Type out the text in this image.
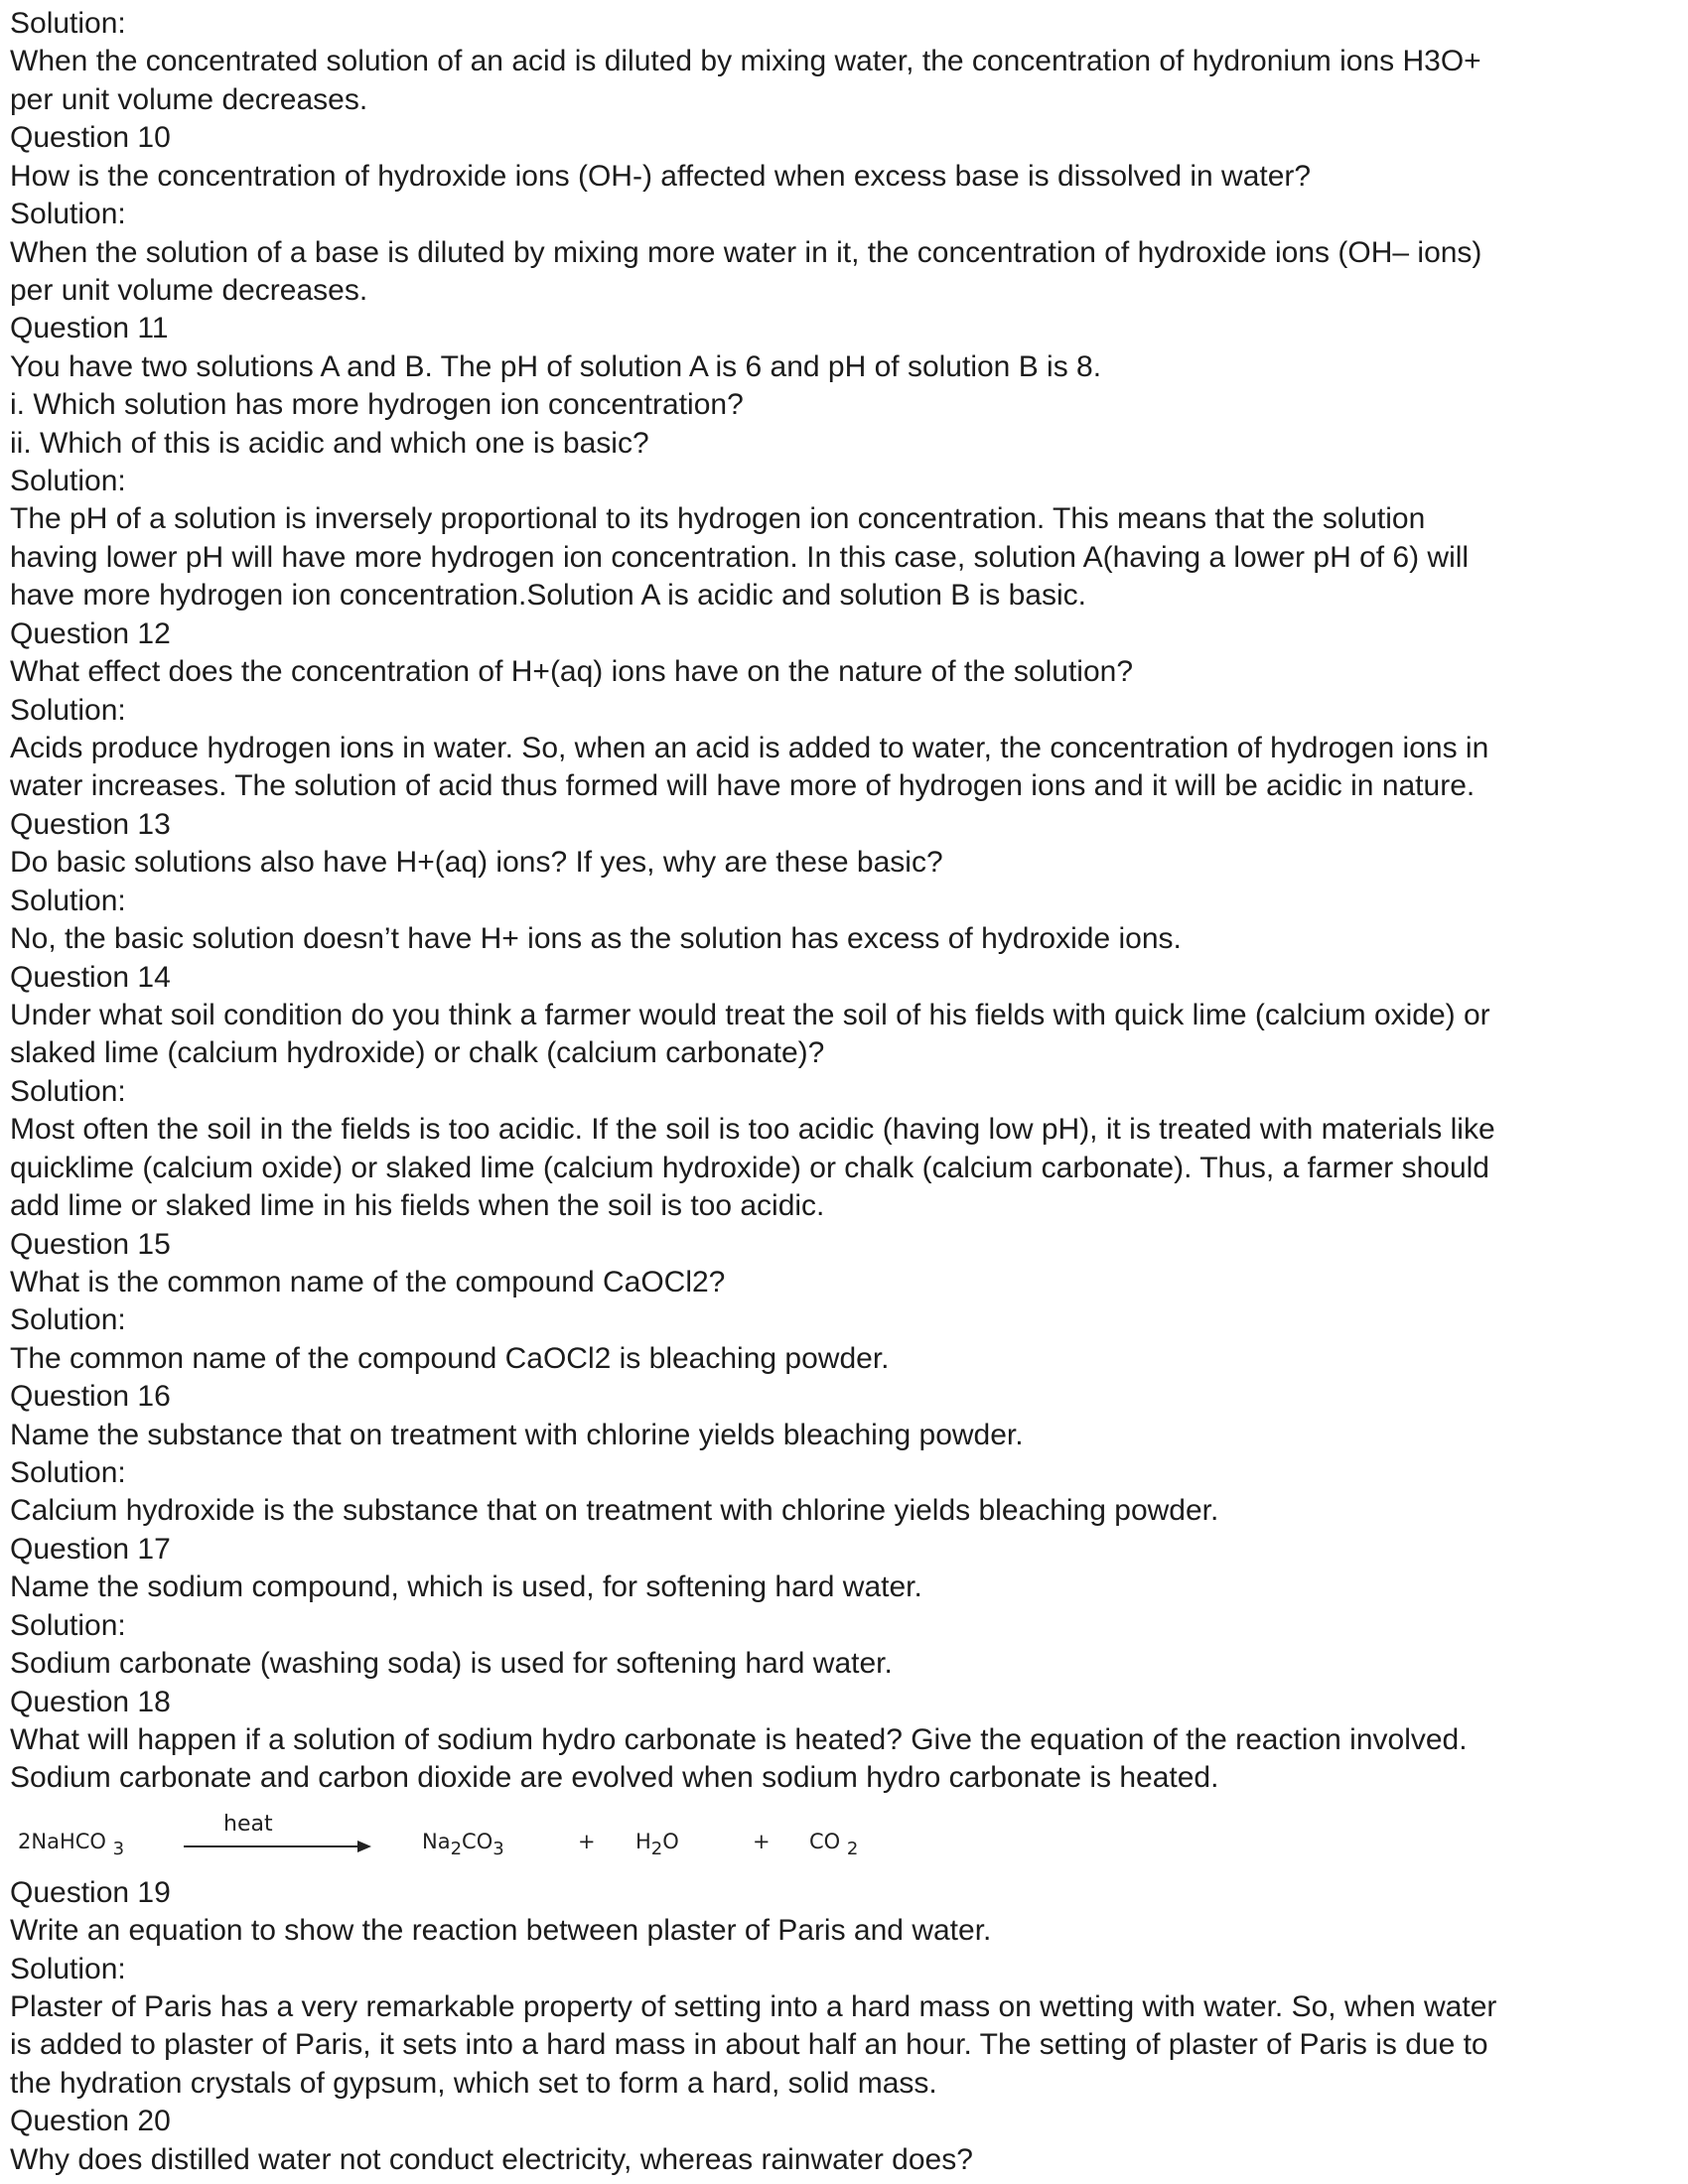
Solution:
When the concentrated solution of an acid is diluted by mixing water, the concentration of hydronium ions H3O+
per unit volume decreases.
Question 10
How is the concentration of hydroxide ions (OH-) affected when excess base is dissolved in water?
Solution:
When the solution of a base is diluted by mixing more water in it, the concentration of hydroxide ions (OH– ions)
per unit volume decreases.
Question 11
You have two solutions A and B. The pH of solution A is 6 and pH of solution B is 8.
i. Which solution has more hydrogen ion concentration?
ii. Which of this is acidic and which one is basic?
Solution:
The pH of a solution is inversely proportional to its hydrogen ion concentration. This means that the solution
having lower pH will have more hydrogen ion concentration. In this case, solution A(having a lower pH of 6) will
have more hydrogen ion concentration.Solution A is acidic and solution B is basic.
Question 12
What effect does the concentration of H+(aq) ions have on the nature of the solution?
Solution:
Acids produce hydrogen ions in water. So, when an acid is added to water, the concentration of hydrogen ions in
water increases. The solution of acid thus formed will have more of hydrogen ions and it will be acidic in nature.
Question 13
Do basic solutions also have H+(aq) ions? If yes, why are these basic?
Solution:
No, the basic solution doesn’t have H+ ions as the solution has excess of hydroxide ions.
Question 14
Under what soil condition do you think a farmer would treat the soil of his fields with quick lime (calcium oxide) or
slaked lime (calcium hydroxide) or chalk (calcium carbonate)?
Solution:
Most often the soil in the fields is too acidic. If the soil is too acidic (having low pH), it is treated with materials like
quicklime (calcium oxide) or slaked lime (calcium hydroxide) or chalk (calcium carbonate). Thus, a farmer should
add lime or slaked lime in his fields when the soil is too acidic.
Question 15
What is the common name of the compound CaOCl2?
Solution:
The common name of the compound CaOCl2 is bleaching powder.
Question 16
Name the substance that on treatment with chlorine yields bleaching powder.
Solution:
Calcium hydroxide is the substance that on treatment with chlorine yields bleaching powder.
Question 17
Name the sodium compound, which is used, for softening hard water.
Solution:
Sodium carbonate (washing soda) is used for softening hard water.
Question 18
What will happen if a solution of sodium hydro carbonate is heated? Give the equation of the reaction involved.
Sodium carbonate and carbon dioxide are evolved when sodium hydro carbonate is heated.
2NaHCO $_3$
heat
$Na_2CO_3$	+ $H_2O$	+ CO $_2$
Question 19
Write an equation to show the reaction between plaster of Paris and water.
Solution:
Plaster of Paris has a very remarkable property of setting into a hard mass on wetting with water. So, when water
is added to plaster of Paris, it sets into a hard mass in about half an hour. The setting of plaster of Paris is due to
the hydration crystals of gypsum, which set to form a hard, solid mass.
Question 20
Why does distilled water not conduct electricity, whereas rainwater does?
